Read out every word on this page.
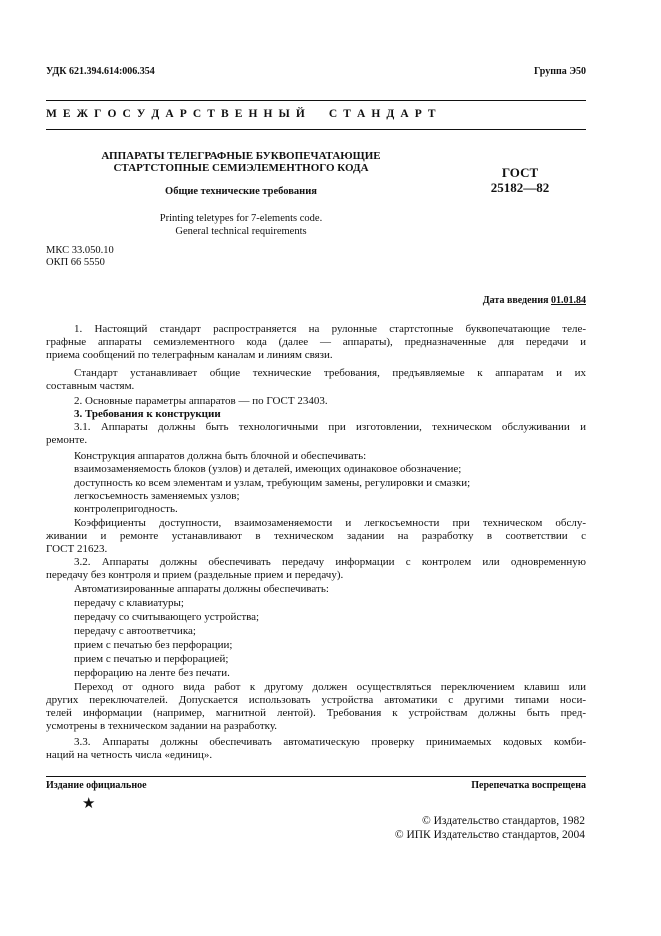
УДК 621.394.614:006.354	Группа Э50
М Е Ж Г О С У Д А Р С Т В Е Н Н Ы Й     С Т А Н Д А Р Т
АППАРАТЫ ТЕЛЕГРАФНЫЕ БУКВОПЕЧАТАЮЩИЕ
СТАРТСТОПНЫЕ СЕМИЭЛЕМЕНТНОГО КОДА
Общие технические требования
Printing teletypes for 7-elements code.
General technical requirements
ГОСТ
25182—82
МКС 33.050.10
ОКП 66 5550
Дата введения 01.01.84
1. Настоящий стандарт распространяется на рулонные стартстопные буквопечатающие теле-
графные аппараты семиэлементного кода (далее — аппараты), предназначенные для передачи и
приема сообщений по телеграфным каналам и линиям связи.
Стандарт устанавливает общие технические требования, предъявляемые к аппаратам и их
составным частям.
2. Основные параметры аппаратов — по ГОСТ 23403.
3. Требования к конструкции
3.1. Аппараты должны быть технологичными при изготовлении, техническом обслуживании и
ремонте.
Конструкция аппаратов должна быть блочной и обеспечивать:
взаимозаменяемость блоков (узлов) и деталей, имеющих одинаковое обозначение;
доступность ко всем элементам и узлам, требующим замены, регулировки и смазки;
легкосъемность заменяемых узлов;
контролепригодность.
Коэффициенты доступности, взаимозаменяемости и легкосъемности при техническом обслу-
живании и ремонте устанавливают в техническом задании на разработку в соответствии с
ГОСТ 21623.
3.2. Аппараты должны обеспечивать передачу информации с контролем или одновременную
передачу без контроля и прием (раздельные прием и передачу).
Автоматизированные аппараты должны обеспечивать:
передачу с клавиатуры;
передачу со считывающего устройства;
передачу с автоответчика;
прием с печатью без перфорации;
прием с печатью и перфорацией;
перфорацию на ленте без печати.
Переход от одного вида работ к другому должен осуществляться переключением клавиш или
других переключателей. Допускается использовать устройства автоматики с другими типами носи-
телей информации (например, магнитной лентой). Требования к устройствам должны быть пред-
усмотрены в техническом задании на разработку.
3.3. Аппараты должны обеспечивать автоматическую проверку принимаемых кодовых комби-
наций на четность числа «единиц».
Издание официальное	Перепечатка воспрещена
★
© Издательство стандартов, 1982
© ИПК Издательство стандартов, 2004
